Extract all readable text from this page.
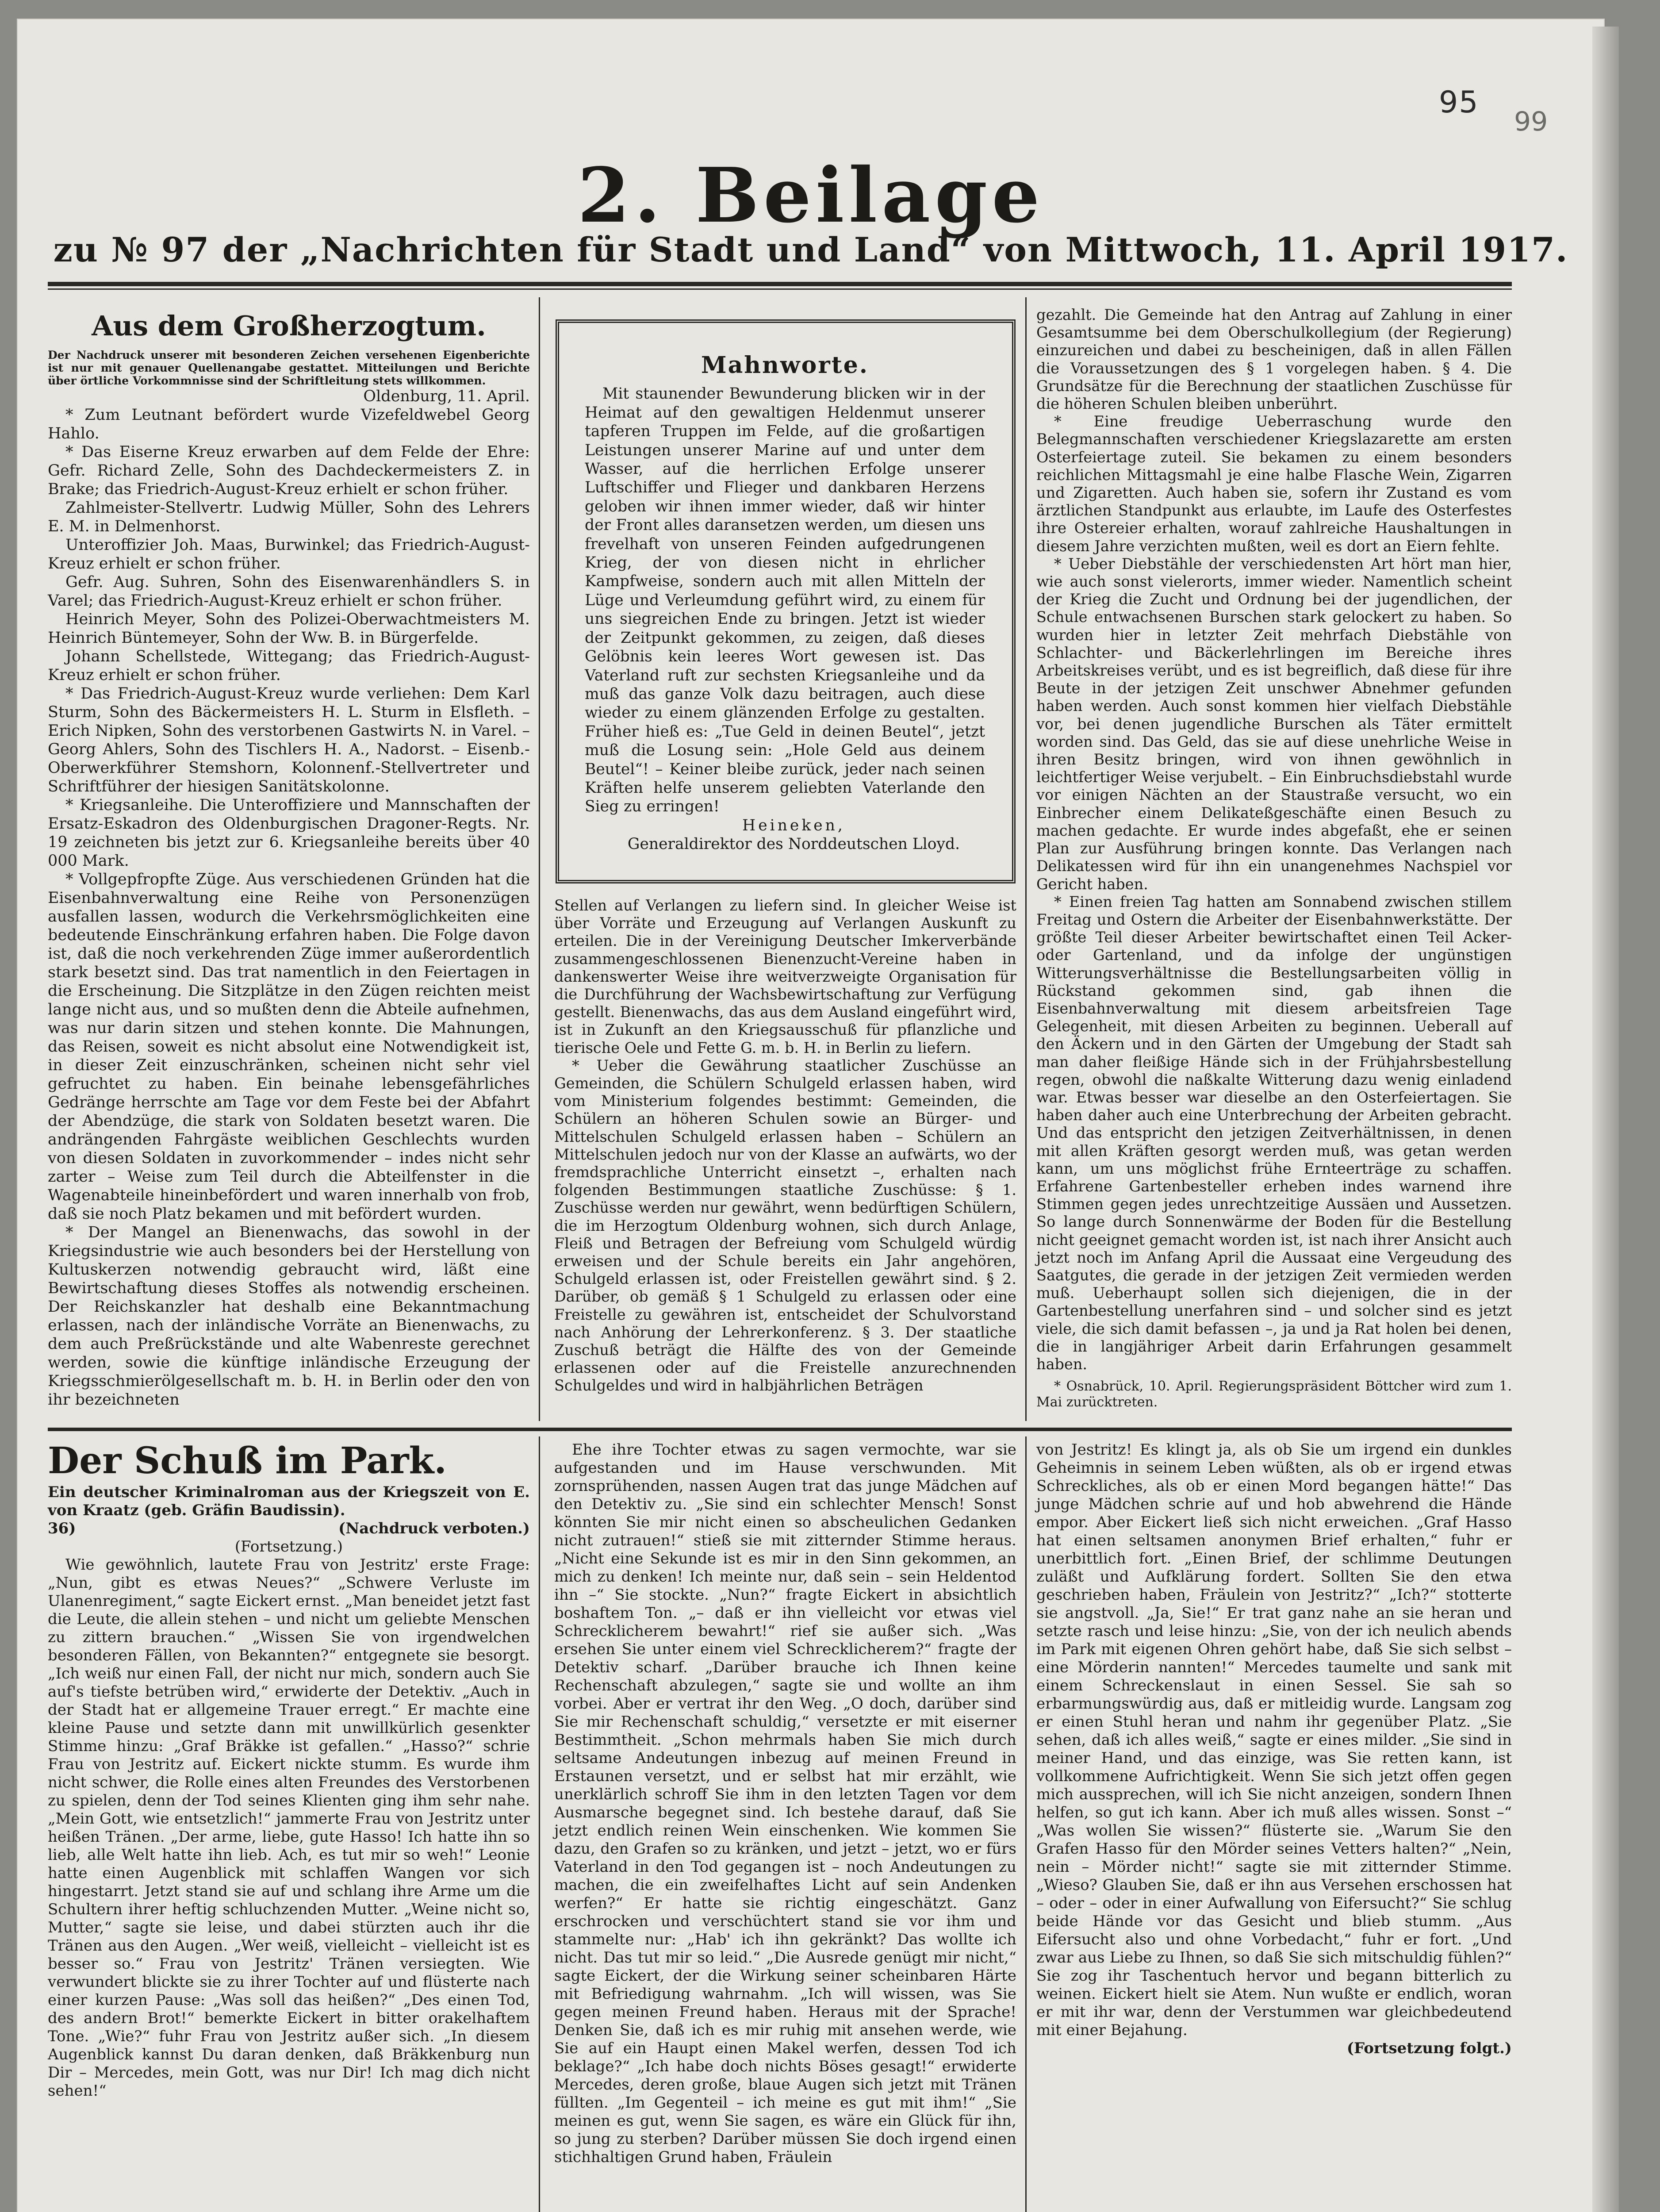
95
99
2. Beilage
zu № 97 der „Nachrichten für Stadt und Land“ von Mittwoch, 11. April 1917.
Aus dem Großherzogtum.

Der Nachdruck unserer mit besonderen Zeichen versehenen Eigenberichte ist nur mit genauer Quellenangabe gestattet. Mitteilungen und Berichte über örtliche Vorkommnisse sind der Schriftleitung stets willkommen.

Oldenburg, 11. April.

* Zum Leutnant befördert wurde Vizefeldwebel Georg Hahlo.

* Das Eiserne Kreuz erwarben auf dem Felde der Ehre: Gefr. Richard Zelle, Sohn des Dachdeckermeisters Z. in Brake; das Friedrich-August-Kreuz erhielt er schon früher.

Zahlmeister-Stellvertr. Ludwig Müller, Sohn des Lehrers E. M. in Delmenhorst.

Unteroffizier Joh. Maas, Burwinkel; das Friedrich-August-Kreuz erhielt er schon früher.

Gefr. Aug. Suhren, Sohn des Eisenwarenhändlers S. in Varel; das Friedrich-August-Kreuz erhielt er schon früher.

Heinrich Meyer, Sohn des Polizei-Oberwachtmeisters M. Heinrich Büntemeyer, Sohn der Ww. B. in Bürgerfelde.

Johann Schellstede, Wittegang; das Friedrich-August-Kreuz erhielt er schon früher.

* Das Friedrich-August-Kreuz wurde verliehen: Dem Karl Sturm, Sohn des Bäckermeisters H. L. Sturm in Elsfleth. – Erich Nipken, Sohn des verstorbenen Gastwirts N. in Varel. – Georg Ahlers, Sohn des Tischlers H. A., Nadorst. – Eisenb.-Oberwerkführer Stemshorn, Kolonnenf.-Stellvertreter und Schriftführer der hiesigen Sanitätskolonne.

* Kriegsanleihe. Die Unteroffiziere und Mannschaften der Ersatz-Eskadron des Oldenburgischen Dragoner-Regts. Nr. 19 zeichneten bis jetzt zur 6. Kriegsanleihe bereits über 40 000 Mark.

* Vollgepfropfte Züge. Aus verschiedenen Gründen hat die Eisenbahnverwaltung eine Reihe von Personenzügen ausfallen lassen, wodurch die Verkehrsmöglichkeiten eine bedeutende Einschränkung erfahren haben. Die Folge davon ist, daß die noch verkehrenden Züge immer außerordentlich stark besetzt sind. Das trat namentlich in den Feiertagen in die Erscheinung. Die Sitzplätze in den Zügen reichten meist lange nicht aus, und so mußten denn die Abteile aufnehmen, was nur darin sitzen und stehen konnte. Die Mahnungen, das Reisen, soweit es nicht absolut eine Notwendigkeit ist, in dieser Zeit einzuschränken, scheinen nicht sehr viel gefruchtet zu haben. Ein beinahe lebensgefährliches Gedränge herrschte am Tage vor dem Feste bei der Abfahrt der Abendzüge, die stark von Soldaten besetzt waren. Die andrängenden Fahrgäste weiblichen Geschlechts wurden von diesen Soldaten in zuvorkommender – indes nicht sehr zarter – Weise zum Teil durch die Abteilfenster in die Wagenabteile hineinbefördert und waren innerhalb von frob, daß sie noch Platz bekamen und mit befördert wurden.

* Der Mangel an Bienenwachs, das sowohl in der Kriegsindustrie wie auch besonders bei der Herstellung von Kultuskerzen notwendig gebraucht wird, läßt eine Bewirtschaftung dieses Stoffes als notwendig erscheinen. Der Reichskanzler hat deshalb eine Bekanntmachung erlassen, nach der inländische Vorräte an Bienenwachs, zu dem auch Preßrückstände und alte Wabenreste gerechnet werden, sowie die künftige inländische Erzeugung der Kriegsschmierölgesellschaft m. b. H. in Berlin oder den von ihr bezeichneten

Mahnworte.

Mit staunender Bewunderung blicken wir in der Heimat auf den gewaltigen Heldenmut unserer tapferen Truppen im Felde, auf die großartigen Leistungen unserer Marine auf und unter dem Wasser, auf die herrlichen Erfolge unserer Luftschiffer und Flieger und dankbaren Herzens geloben wir ihnen immer wieder, daß wir hinter der Front alles daransetzen werden, um diesen uns frevelhaft von unseren Feinden aufgedrungenen Krieg, der von diesen nicht in ehrlicher Kampfweise, sondern auch mit allen Mitteln der Lüge und Verleumdung geführt wird, zu einem für uns siegreichen Ende zu bringen. Jetzt ist wieder der Zeitpunkt gekommen, zu zeigen, daß dieses Gelöbnis kein leeres Wort gewesen ist. Das Vaterland ruft zur sechsten Kriegsanleihe und da muß das ganze Volk dazu beitragen, auch diese wieder zu einem glänzenden Erfolge zu gestalten. Früher hieß es: „Tue Geld in deinen Beutel“, jetzt muß die Losung sein: „Hole Geld aus deinem Beutel“! – Keiner bleibe zurück, jeder nach seinen Kräften helfe unserem geliebten Vaterlande den Sieg zu erringen!

Heineken,

Generaldirektor des Norddeutschen Lloyd.

Stellen auf Verlangen zu liefern sind. In gleicher Weise ist über Vorräte und Erzeugung auf Verlangen Auskunft zu erteilen. Die in der Vereinigung Deutscher Imkerverbände zusammengeschlossenen Bienenzucht-Vereine haben in dankenswerter Weise ihre weitverzweigte Organisation für die Durchführung der Wachsbewirtschaftung zur Verfügung gestellt. Bienenwachs, das aus dem Ausland eingeführt wird, ist in Zukunft an den Kriegsausschuß für pflanzliche und tierische Oele und Fette G. m. b. H. in Berlin zu liefern.

* Ueber die Gewährung staatlicher Zuschüsse an Gemeinden, die Schülern Schulgeld erlassen haben, wird vom Ministerium folgendes bestimmt: Gemeinden, die Schülern an höheren Schulen sowie an Bürger- und Mittelschulen Schulgeld erlassen haben – Schülern an Mittelschulen jedoch nur von der Klasse an aufwärts, wo der fremdsprachliche Unterricht einsetzt –, erhalten nach folgenden Bestimmungen staatliche Zuschüsse: § 1. Zuschüsse werden nur gewährt, wenn bedürftigen Schülern, die im Herzogtum Oldenburg wohnen, sich durch Anlage, Fleiß und Betragen der Befreiung vom Schulgeld würdig erweisen und der Schule bereits ein Jahr angehören, Schulgeld erlassen ist, oder Freistellen gewährt sind. § 2. Darüber, ob gemäß § 1 Schulgeld zu erlassen oder eine Freistelle zu gewähren ist, entscheidet der Schulvorstand nach Anhörung der Lehrerkonferenz. § 3. Der staatliche Zuschuß beträgt die Hälfte des von der Gemeinde erlassenen oder auf die Freistelle anzurechnenden Schulgeldes und wird in halbjährlichen Beträgen

gezahlt. Die Gemeinde hat den Antrag auf Zahlung in einer Gesamtsumme bei dem Oberschulkollegium (der Regierung) einzureichen und dabei zu bescheinigen, daß in allen Fällen die Voraussetzungen des § 1 vorgelegen haben. § 4. Die Grundsätze für die Berechnung der staatlichen Zuschüsse für die höheren Schulen bleiben unberührt.

* Eine freudige Ueberraschung wurde den Belegmannschaften verschiedener Kriegslazarette am ersten Osterfeiertage zuteil. Sie bekamen zu einem besonders reichlichen Mittagsmahl je eine halbe Flasche Wein, Zigarren und Zigaretten. Auch haben sie, sofern ihr Zustand es vom ärztlichen Standpunkt aus erlaubte, im Laufe des Osterfestes ihre Ostereier erhalten, worauf zahlreiche Haushaltungen in diesem Jahre verzichten mußten, weil es dort an Eiern fehlte.

* Ueber Diebstähle der verschiedensten Art hört man hier, wie auch sonst vielerorts, immer wieder. Namentlich scheint der Krieg die Zucht und Ordnung bei der jugendlichen, der Schule entwachsenen Burschen stark gelockert zu haben. So wurden hier in letzter Zeit mehrfach Diebstähle von Schlachter- und Bäckerlehrlingen im Bereiche ihres Arbeitskreises verübt, und es ist begreiflich, daß diese für ihre Beute in der jetzigen Zeit unschwer Abnehmer gefunden haben werden. Auch sonst kommen hier vielfach Diebstähle vor, bei denen jugendliche Burschen als Täter ermittelt worden sind. Das Geld, das sie auf diese unehrliche Weise in ihren Besitz bringen, wird von ihnen gewöhnlich in leichtfertiger Weise verjubelt. – Ein Einbruchsdiebstahl wurde vor einigen Nächten an der Staustraße versucht, wo ein Einbrecher einem Delikateßgeschäfte einen Besuch zu machen gedachte. Er wurde indes abgefaßt, ehe er seinen Plan zur Ausführung bringen konnte. Das Verlangen nach Delikatessen wird für ihn ein unangenehmes Nachspiel vor Gericht haben.

* Einen freien Tag hatten am Sonnabend zwischen stillem Freitag und Ostern die Arbeiter der Eisenbahnwerkstätte. Der größte Teil dieser Arbeiter bewirtschaftet einen Teil Acker- oder Gartenland, und da infolge der ungünstigen Witterungsverhältnisse die Bestellungsarbeiten völlig in Rückstand gekommen sind, gab ihnen die Eisenbahnverwaltung mit diesem arbeitsfreien Tage Gelegenheit, mit diesen Arbeiten zu beginnen. Ueberall auf den Äckern und in den Gärten der Umgebung der Stadt sah man daher fleißige Hände sich in der Frühjahrsbestellung regen, obwohl die naßkalte Witterung dazu wenig einladend war. Etwas besser war dieselbe an den Osterfeiertagen. Sie haben daher auch eine Unterbrechung der Arbeiten gebracht. Und das entspricht den jetzigen Zeitverhältnissen, in denen mit allen Kräften gesorgt werden muß, was getan werden kann, um uns möglichst frühe Ernteerträge zu schaffen. Erfahrene Gartenbesteller erheben indes warnend ihre Stimmen gegen jedes unrechtzeitige Aussäen und Aussetzen. So lange durch Sonnenwärme der Boden für die Bestellung nicht geeignet gemacht worden ist, ist nach ihrer Ansicht auch jetzt noch im Anfang April die Aussaat eine Vergeudung des Saatgutes, die gerade in der jetzigen Zeit vermieden werden muß. Ueberhaupt sollen sich diejenigen, die in der Gartenbestellung unerfahren sind – und solcher sind es jetzt viele, die sich damit befassen –, ja und ja Rat holen bei denen, die in langjähriger Arbeit darin Erfahrungen gesammelt haben.

* Osnabrück, 10. April. Regierungspräsident Böttcher wird zum 1. Mai zurücktreten.

Der Schuß im Park.

Ein deutscher Kriminalroman aus der Kriegszeit von E. von Kraatz (geb. Gräfin Baudissin).

36)	(Nachdruck verboten.)

(Fortsetzung.)

Wie gewöhnlich, lautete Frau von Jestritz' erste Frage: „Nun, gibt es etwas Neues?“ „Schwere Verluste im Ulanenregiment,“ sagte Eickert ernst. „Man beneidet jetzt fast die Leute, die allein stehen – und nicht um geliebte Menschen zu zittern brauchen.“ „Wissen Sie von irgendwelchen besonderen Fällen, von Bekannten?“ entgegnete sie besorgt. „Ich weiß nur einen Fall, der nicht nur mich, sondern auch Sie auf's tiefste betrüben wird,“ erwiderte der Detektiv. „Auch in der Stadt hat er allgemeine Trauer erregt.“ Er machte eine kleine Pause und setzte dann mit unwillkürlich gesenkter Stimme hinzu: „Graf Bräkke ist gefallen.“ „Hasso?“ schrie Frau von Jestritz auf. Eickert nickte stumm. Es wurde ihm nicht schwer, die Rolle eines alten Freundes des Verstorbenen zu spielen, denn der Tod seines Klienten ging ihm sehr nahe. „Mein Gott, wie entsetzlich!“ jammerte Frau von Jestritz unter heißen Tränen. „Der arme, liebe, gute Hasso! Ich hatte ihn so lieb, alle Welt hatte ihn lieb. Ach, es tut mir so weh!“ Leonie hatte einen Augenblick mit schlaffen Wangen vor sich hingestarrt. Jetzt stand sie auf und schlang ihre Arme um die Schultern ihrer heftig schluchzenden Mutter. „Weine nicht so, Mutter,“ sagte sie leise, und dabei stürzten auch ihr die Tränen aus den Augen. „Wer weiß, vielleicht – vielleicht ist es besser so.“ Frau von Jestritz' Tränen versiegten. Wie verwundert blickte sie zu ihrer Tochter auf und flüsterte nach einer kurzen Pause: „Was soll das heißen?“ „Des einen Tod, des andern Brot!“ bemerkte Eickert in bitter orakelhaftem Tone. „Wie?“ fuhr Frau von Jestritz außer sich. „In diesem Augenblick kannst Du daran denken, daß Bräkkenburg nun Dir – Mercedes, mein Gott, was nur Dir! Ich mag dich nicht sehen!“

Ehe ihre Tochter etwas zu sagen vermochte, war sie aufgestanden und im Hause verschwunden. Mit zornsprühenden, nassen Augen trat das junge Mädchen auf den Detektiv zu. „Sie sind ein schlechter Mensch! Sonst könnten Sie mir nicht einen so abscheulichen Gedanken nicht zutrauen!“ stieß sie mit zitternder Stimme heraus. „Nicht eine Sekunde ist es mir in den Sinn gekommen, an mich zu denken! Ich meinte nur, daß sein – sein Heldentod ihn –“ Sie stockte. „Nun?“ fragte Eickert in absichtlich boshaftem Ton. „– daß er ihn vielleicht vor etwas viel Schrecklicherem bewahrt!“ rief sie außer sich. „Was ersehen Sie unter einem viel Schrecklicherem?“ fragte der Detektiv scharf. „Darüber brauche ich Ihnen keine Rechenschaft abzulegen,“ sagte sie und wollte an ihm vorbei. Aber er vertrat ihr den Weg. „O doch, darüber sind Sie mir Rechenschaft schuldig,“ versetzte er mit eiserner Bestimmtheit. „Schon mehrmals haben Sie mich durch seltsame Andeutungen inbezug auf meinen Freund in Erstaunen versetzt, und er selbst hat mir erzählt, wie unerklärlich schroff Sie ihm in den letzten Tagen vor dem Ausmarsche begegnet sind. Ich bestehe darauf, daß Sie jetzt endlich reinen Wein einschenken. Wie kommen Sie dazu, den Grafen so zu kränken, und jetzt – jetzt, wo er fürs Vaterland in den Tod gegangen ist – noch Andeutungen zu machen, die ein zweifelhaftes Licht auf sein Andenken werfen?“ Er hatte sie richtig eingeschätzt. Ganz erschrocken und verschüchtert stand sie vor ihm und stammelte nur: „Hab' ich ihn gekränkt? Das wollte ich nicht. Das tut mir so leid.“ „Die Ausrede genügt mir nicht,“ sagte Eickert, der die Wirkung seiner scheinbaren Härte mit Befriedigung wahrnahm. „Ich will wissen, was Sie gegen meinen Freund haben. Heraus mit der Sprache! Denken Sie, daß ich es mir ruhig mit ansehen werde, wie Sie auf ein Haupt einen Makel werfen, dessen Tod ich beklage?“ „Ich habe doch nichts Böses gesagt!“ erwiderte Mercedes, deren große, blaue Augen sich jetzt mit Tränen füllten. „Im Gegenteil – ich meine es gut mit ihm!“ „Sie meinen es gut, wenn Sie sagen, es wäre ein Glück für ihn, so jung zu sterben? Darüber müssen Sie doch irgend einen stichhaltigen Grund haben, Fräulein

von Jestritz! Es klingt ja, als ob Sie um irgend ein dunkles Geheimnis in seinem Leben wüßten, als ob er irgend etwas Schreckliches, als ob er einen Mord begangen hätte!“ Das junge Mädchen schrie auf und hob abwehrend die Hände empor. Aber Eickert ließ sich nicht erweichen. „Graf Hasso hat einen seltsamen anonymen Brief erhalten,“ fuhr er unerbittlich fort. „Einen Brief, der schlimme Deutungen zuläßt und Aufklärung fordert. Sollten Sie den etwa geschrieben haben, Fräulein von Jestritz?“ „Ich?“ stotterte sie angstvoll. „Ja, Sie!“ Er trat ganz nahe an sie heran und setzte rasch und leise hinzu: „Sie, von der ich neulich abends im Park mit eigenen Ohren gehört habe, daß Sie sich selbst – eine Mörderin nannten!“ Mercedes taumelte und sank mit einem Schreckenslaut in einen Sessel. Sie sah so erbarmungswürdig aus, daß er mitleidig wurde. Langsam zog er einen Stuhl heran und nahm ihr gegenüber Platz. „Sie sehen, daß ich alles weiß,“ sagte er eines milder. „Sie sind in meiner Hand, und das einzige, was Sie retten kann, ist vollkommene Aufrichtigkeit. Wenn Sie sich jetzt offen gegen mich aussprechen, will ich Sie nicht anzeigen, sondern Ihnen helfen, so gut ich kann. Aber ich muß alles wissen. Sonst –“ „Was wollen Sie wissen?“ flüsterte sie. „Warum Sie den Grafen Hasso für den Mörder seines Vetters halten?“ „Nein, nein – Mörder nicht!“ sagte sie mit zitternder Stimme. „Wieso? Glauben Sie, daß er ihn aus Versehen erschossen hat – oder – oder in einer Aufwallung von Eifersucht?“ Sie schlug beide Hände vor das Gesicht und blieb stumm. „Aus Eifersucht also und ohne Vorbedacht,“ fuhr er fort. „Und zwar aus Liebe zu Ihnen, so daß Sie sich mitschuldig fühlen?“ Sie zog ihr Taschentuch hervor und begann bitterlich zu weinen. Eickert hielt sie Atem. Nun wußte er endlich, woran er mit ihr war, denn der Verstummen war gleichbedeutend mit einer Bejahung.

(Fortsetzung folgt.)
